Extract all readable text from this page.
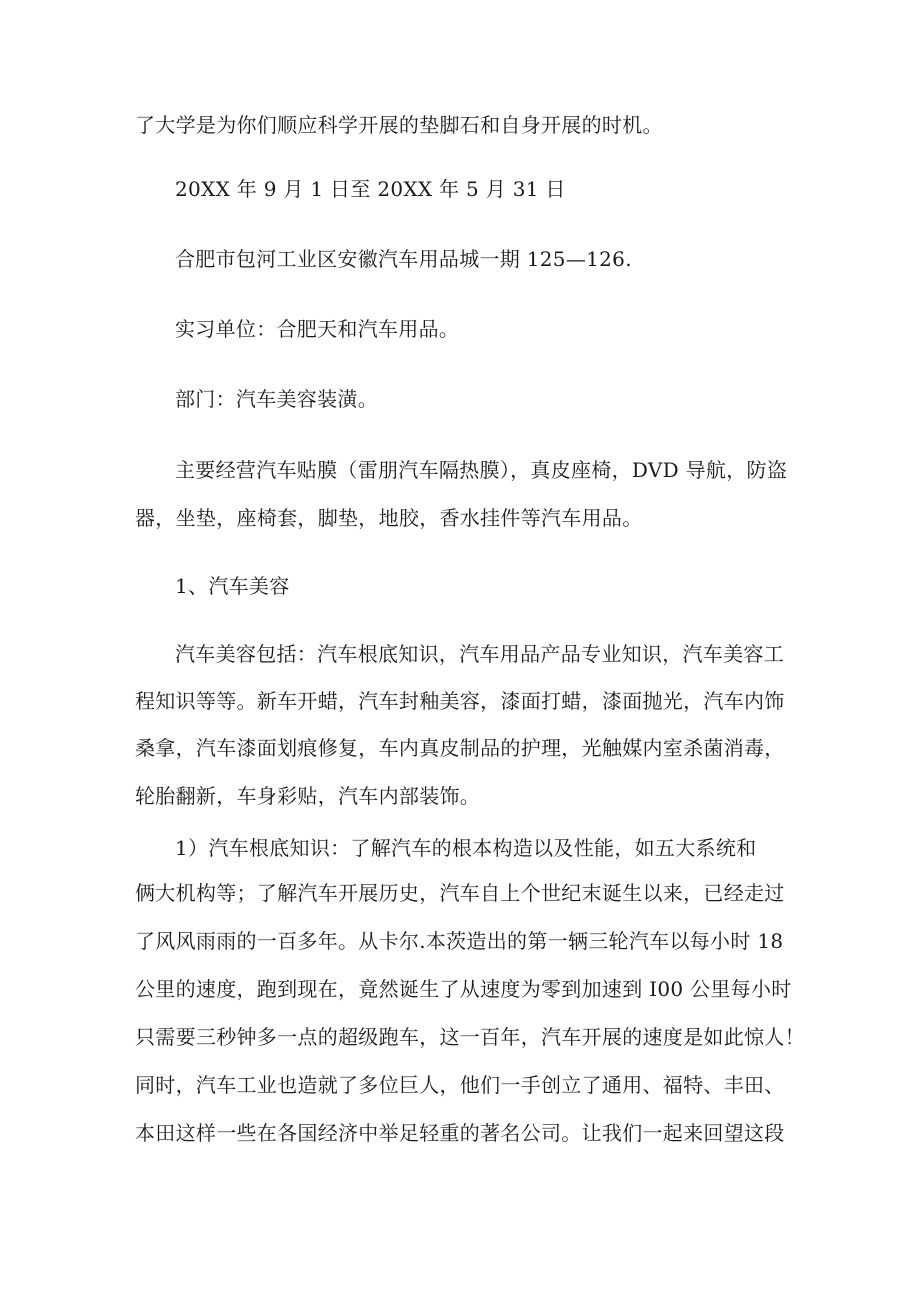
了大学是为你们顺应科学开展的垫脚石和自身开展的时机。
20XX 年 9 月 1 日至 20XX 年 5 月 31 日
合肥市包河工业区安徽汽车用品城一期 125—126.
实习单位：合肥天和汽车用品。
部门：汽车美容装潢。
主要经营汽车贴膜（雷朋汽车隔热膜），真皮座椅，DVD 导航，防盗
器，坐垫，座椅套，脚垫，地胶，香水挂件等汽车用品。
1、汽车美容
汽车美容包括：汽车根底知识，汽车用品产品专业知识，汽车美容工
程知识等等。新车开蜡，汽车封釉美容，漆面打蜡，漆面抛光，汽车内饰
桑拿，汽车漆面划痕修复，车内真皮制品的护理，光触媒内室杀菌消毒，
轮胎翻新，车身彩贴，汽车内部装饰。
1）汽车根底知识：了解汽车的根本构造以及性能，如五大系统和
俩大机构等；了解汽车开展历史，汽车自上个世纪末诞生以来，已经走过
了风风雨雨的一百多年。从卡尔.本茨造出的第一辆三轮汽车以每小时 18
公里的速度，跑到现在，竟然诞生了从速度为零到加速到 I00 公里每小时
只需要三秒钟多一点的超级跑车，这一百年，汽车开展的速度是如此惊人！
同时，汽车工业也造就了多位巨人，他们一手创立了通用、福特、丰田、
本田这样一些在各国经济中举足轻重的著名公司。让我们一起来回望这段
